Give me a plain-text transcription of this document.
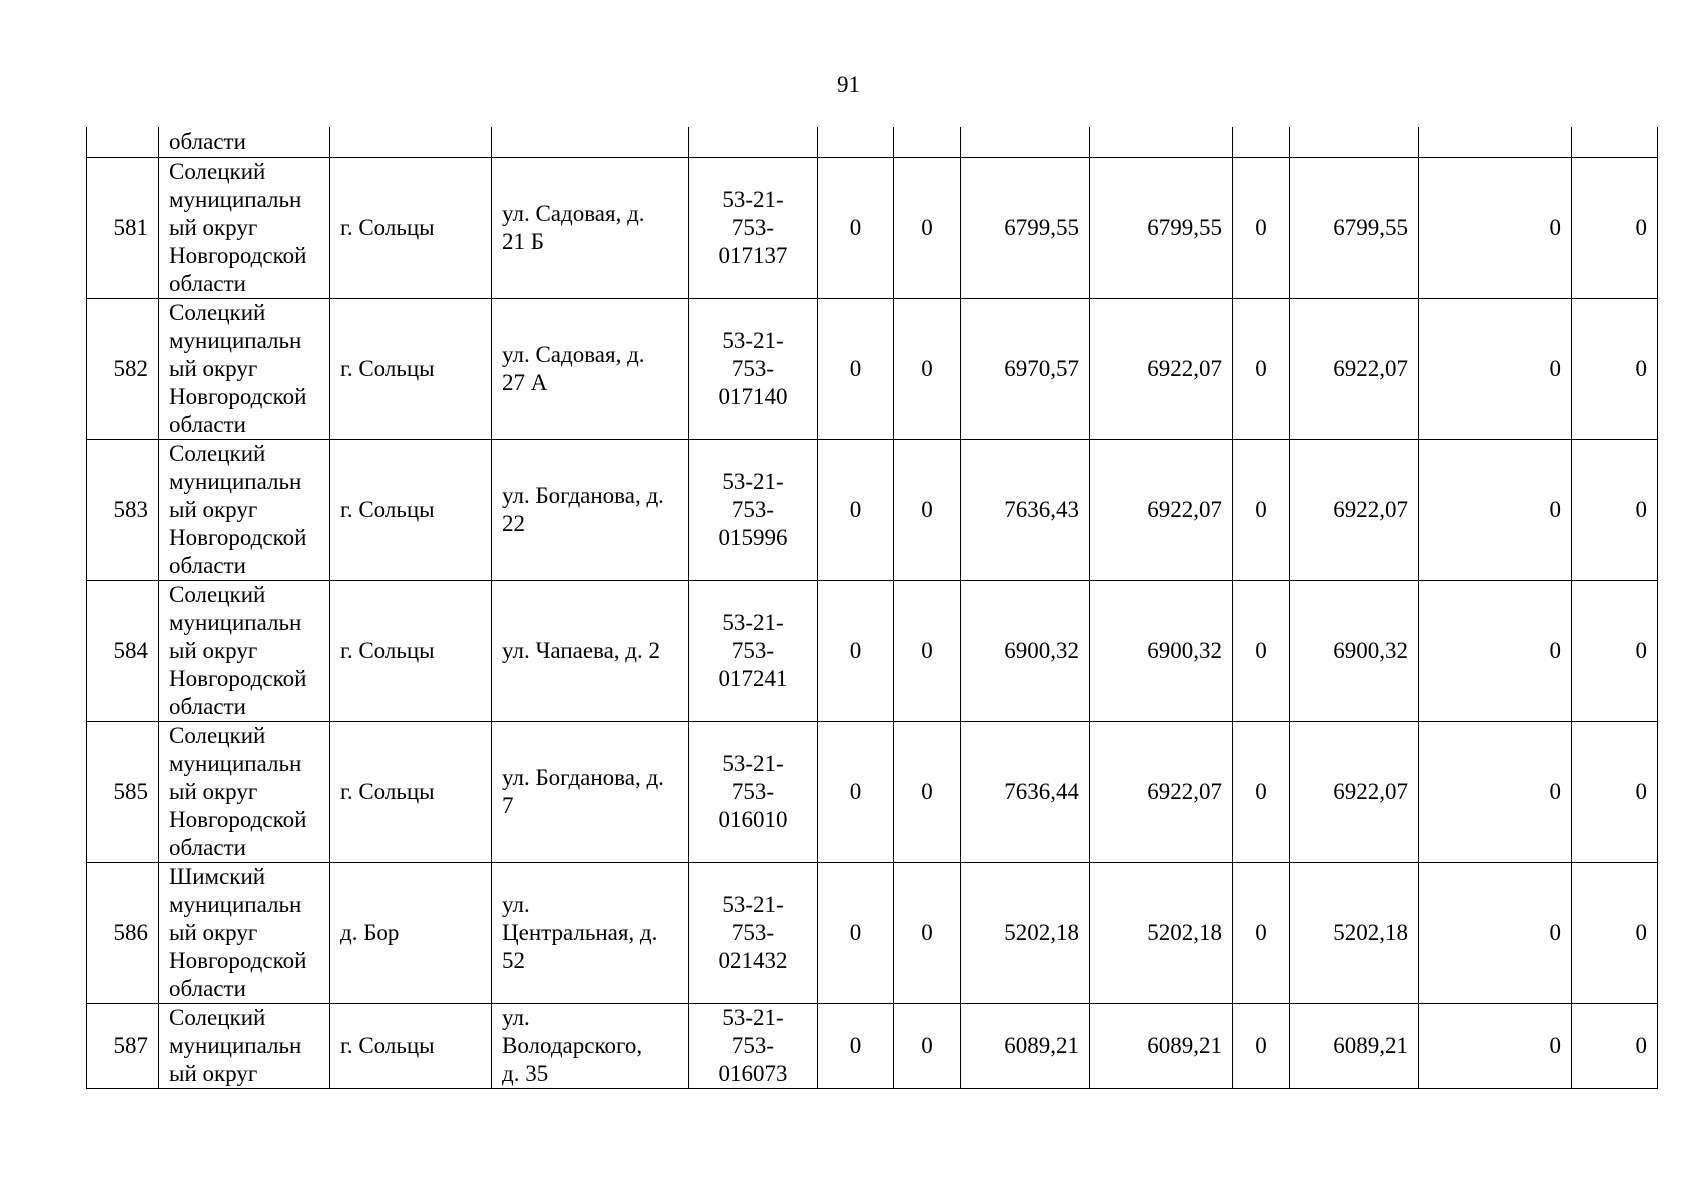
91
	области											
581	Солецкий
муниципальн
ый округ
Новгородской
области	г. Сольцы	ул. Садовая, д.
21 Б	53-21-
753-
017137	0	0	6799,55	6799,55	0	6799,55	0	0
582	Солецкий
муниципальн
ый округ
Новгородской
области	г. Сольцы	ул. Садовая, д.
27 А	53-21-
753-
017140	0	0	6970,57	6922,07	0	6922,07	0	0
583	Солецкий
муниципальн
ый округ
Новгородской
области	г. Сольцы	ул. Богданова, д.
22	53-21-
753-
015996	0	0	7636,43	6922,07	0	6922,07	0	0
584	Солецкий
муниципальн
ый округ
Новгородской
области	г. Сольцы	ул. Чапаева, д. 2	53-21-
753-
017241	0	0	6900,32	6900,32	0	6900,32	0	0
585	Солецкий
муниципальн
ый округ
Новгородской
области	г. Сольцы	ул. Богданова, д.
7	53-21-
753-
016010	0	0	7636,44	6922,07	0	6922,07	0	0
586	Шимский
муниципальн
ый округ
Новгородской
области	д. Бор	ул.
Центральная, д.
52	53-21-
753-
021432	0	0	5202,18	5202,18	0	5202,18	0	0
587	Солецкий
муниципальн
ый округ	г. Сольцы	ул.
Володарского,
д. 35	53-21-
753-
016073	0	0	6089,21	6089,21	0	6089,21	0	0
